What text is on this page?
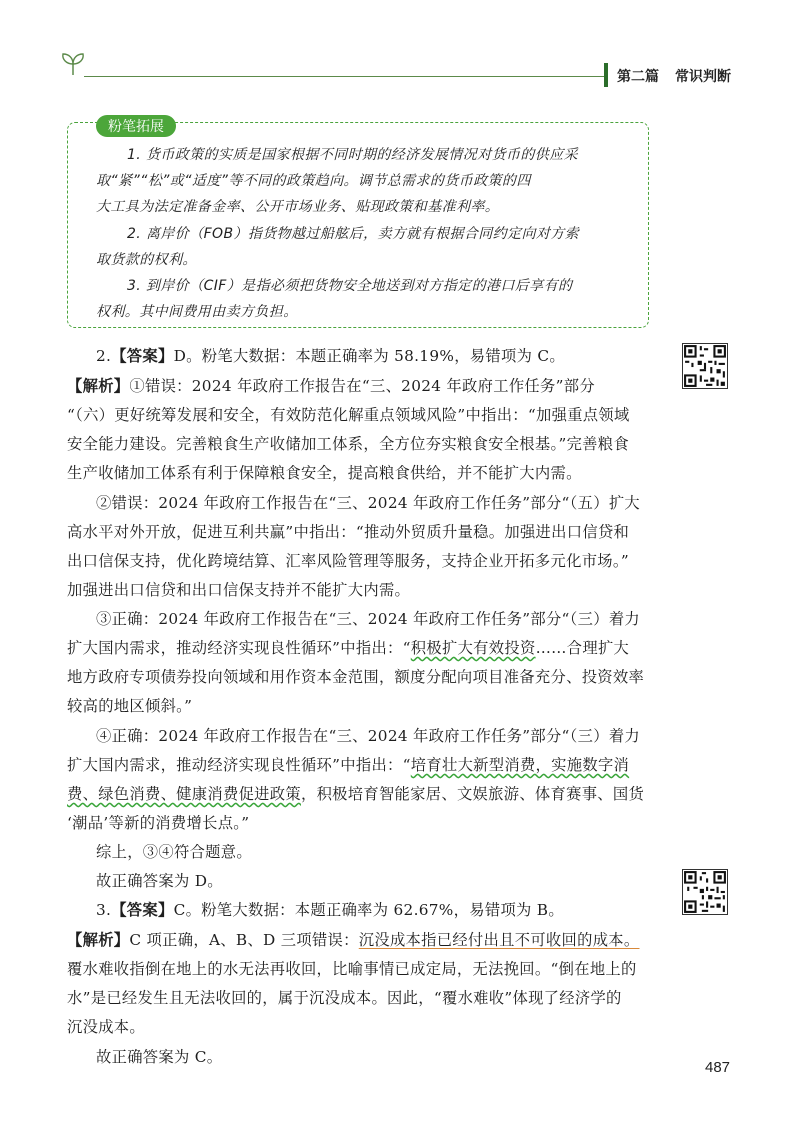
第二篇 常识判断
粉笔拓展
1. 货币政策的实质是国家根据不同时期的经济发展情况对货币的供应采
取“紧”“松”或“适度”等不同的政策趋向。调节总需求的货币政策的四
大工具为法定准备金率、公开市场业务、贴现政策和基准利率。
2. 离岸价（FOB）指货物越过船舷后，卖方就有根据合同约定向对方索
取货款的权利。
3. 到岸价（CIF）是指必须把货物安全地送到对方指定的港口后享有的
权利。其中间费用由卖方负担。
2.【答案】D。粉笔大数据：本题正确率为 58.19%，易错项为 C。
【解析】①错误：2024 年政府工作报告在“三、2024 年政府工作任务”部分
“（六）更好统筹发展和安全，有效防范化解重点领域风险”中指出：“加强重点领域
安全能力建设。完善粮食生产收储加工体系，全方位夯实粮食安全根基。”完善粮食
生产收储加工体系有利于保障粮食安全，提高粮食供给，并不能扩大内需。
②错误：2024 年政府工作报告在“三、2024 年政府工作任务”部分“（五）扩大
高水平对外开放，促进互利共赢”中指出：“推动外贸质升量稳。加强进出口信贷和
出口信保支持，优化跨境结算、汇率风险管理等服务，支持企业开拓多元化市场。”
加强进出口信贷和出口信保支持并不能扩大内需。
③正确：2024 年政府工作报告在“三、2024 年政府工作任务”部分“（三）着力
扩大国内需求，推动经济实现良性循环”中指出：“积极扩大有效投资……合理扩大
地方政府专项债券投向领域和用作资本金范围，额度分配向项目准备充分、投资效率
较高的地区倾斜。”
④正确：2024 年政府工作报告在“三、2024 年政府工作任务”部分“（三）着力
扩大国内需求，推动经济实现良性循环”中指出：“培育壮大新型消费，实施数字消
费、绿色消费、健康消费促进政策，积极培育智能家居、文娱旅游、体育赛事、国货
‘潮品’等新的消费增长点。”
综上，③④符合题意。
故正确答案为 D。
3.【答案】C。粉笔大数据：本题正确率为 62.67%，易错项为 B。
【解析】C 项正确，A、B、D 三项错误：沉没成本指已经付出且不可收回的成本。
覆水难收指倒在地上的水无法再收回，比喻事情已成定局，无法挽回。“倒在地上的
水”是已经发生且无法收回的，属于沉没成本。因此，“覆水难收”体现了经济学的
沉没成本。
故正确答案为 C。
487
